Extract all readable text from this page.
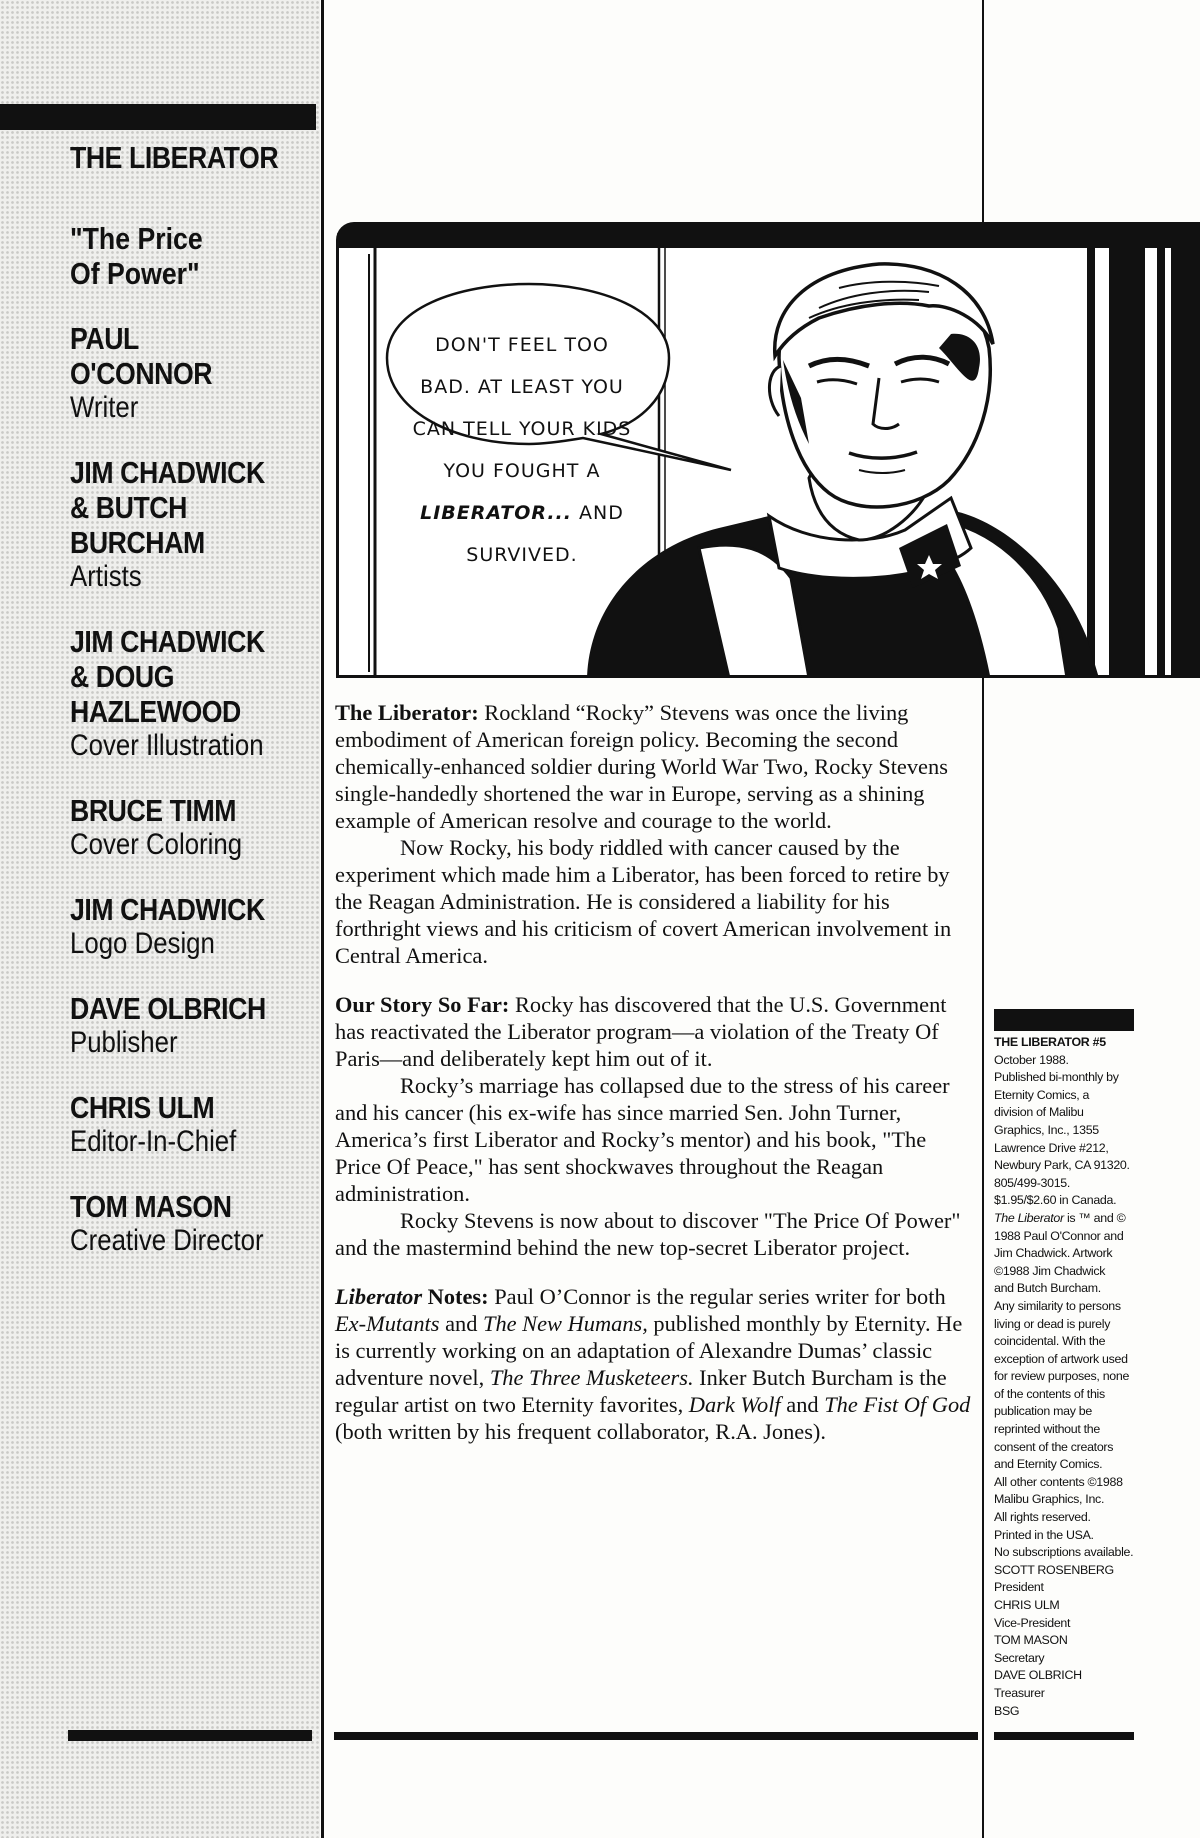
THE LIBERATOR
"The Price
Of Power"
PAUL
O'CONNOR
Writer
JIM CHADWICK
& BUTCH
BURCHAM
Artists
JIM CHADWICK
& DOUG
HAZLEWOOD
Cover Illustration
BRUCE TIMM
Cover Coloring
JIM CHADWICK
Logo Design
DAVE OLBRICH
Publisher
CHRIS ULM
Editor-In-Chief
TOM MASON
Creative Director

DON'T FEEL TOO

BAD. AT LEAST YOU

CAN TELL YOUR KIDS

YOU FOUGHT A

LIBERATOR... AND

SURVIVED.

The Liberator: Rockland “Rocky” Stevens was once the living embodiment of American foreign policy. Becoming the second chemically-enhanced soldier during World War Two, Rocky Stevens single-handedly shortened the war in Europe, serving as a shining example of American resolve and courage to the world.

Now Rocky, his body riddled with cancer caused by the experiment which made him a Liberator, has been forced to retire by the Reagan Administration. He is considered a liability for his forthright views and his criticism of covert American involvement in Central America.

Our Story So Far: Rocky has discovered that the U.S. Government has reactivated the Liberator program—a violation of the Treaty Of Paris—and deliberately kept him out of it.

Rocky’s marriage has collapsed due to the stress of his career and his cancer (his ex-wife has since married Sen. John Turner, America’s first Liberator and Rocky’s mentor) and his book, "The Price Of Peace," has sent shockwaves throughout the Reagan administration.

Rocky Stevens is now about to discover "The Price Of Power" and the mastermind behind the new top-secret Liberator project.

Liberator Notes: Paul O’Connor is the regular series writer for both Ex-Mutants and The New Humans, published monthly by Eternity. He is currently working on an adaptation of Alexandre Dumas’ classic adventure novel, The Three Musketeers. Inker Butch Burcham is the regular artist on two Eternity favorites, Dark Wolf and The Fist Of God (both written by his frequent collaborator, R.A. Jones).

THE LIBERATOR #5
October 1988.
Published bi-monthly by
Eternity Comics, a
division of Malibu
Graphics, Inc., 1355
Lawrence Drive #212,
Newbury Park, CA 91320.
805/499-3015.
$1.95/$2.60 in Canada.
The Liberator is ™ and ©
1988 Paul O'Connor and
Jim Chadwick. Artwork
©1988 Jim Chadwick
and Butch Burcham.
Any similarity to persons
living or dead is purely
coincidental. With the
exception of artwork used
for review purposes, none
of the contents of this
publication may be
reprinted without the
consent of the creators
and Eternity Comics.
All other contents ©1988
Malibu Graphics, Inc.
All rights reserved.
Printed in the USA.
No subscriptions available.
SCOTT ROSENBERG
President
CHRIS ULM
Vice-President
TOM MASON
Secretary
DAVE OLBRICH
Treasurer
BSG
